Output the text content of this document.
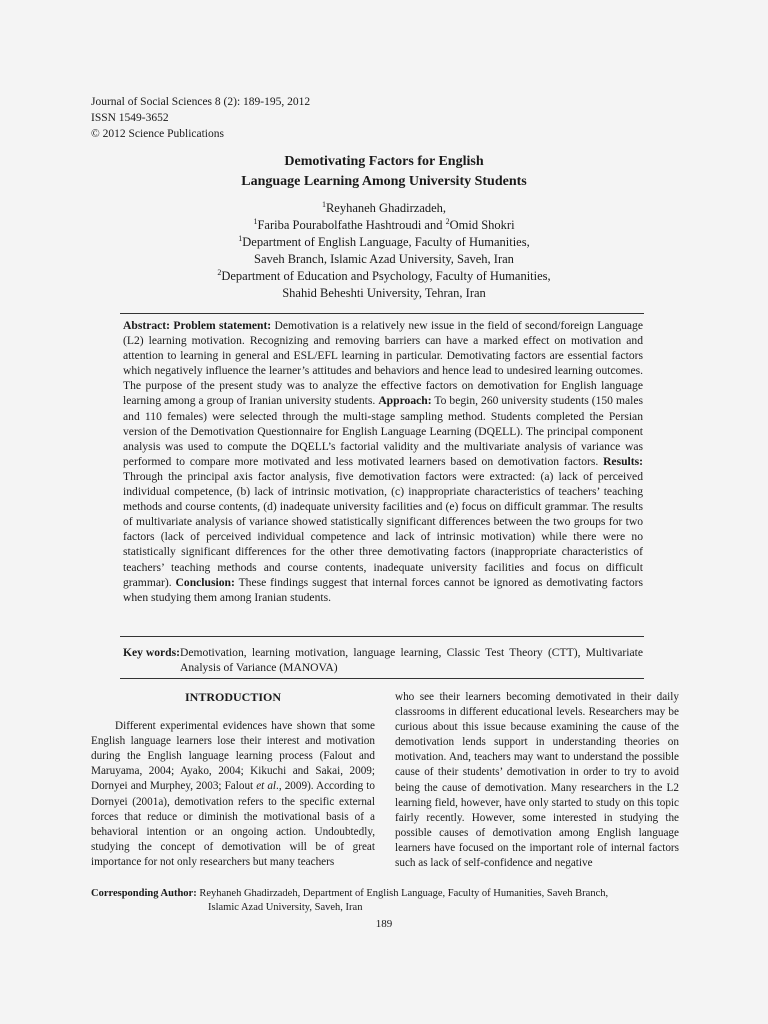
Journal of Social Sciences 8 (2): 189-195, 2012
ISSN 1549-3652
© 2012 Science Publications
Demotivating Factors for English
Language Learning Among University Students
$^1$Reyhaneh Ghadirzadeh,
$^1$Fariba Pourabolfathe Hashtroudi and $^2$Omid Shokri
$^1$Department of English Language, Faculty of Humanities,
Saveh Branch, Islamic Azad University, Saveh, Iran
$^2$Department of Education and Psychology, Faculty of Humanities,
Shahid Beheshti University, Tehran, Iran
Abstract: Problem statement: Demotivation is a relatively new issue in the field of second/foreign Language (L2) learning motivation. Recognizing and removing barriers can have a marked effect on motivation and attention to learning in general and ESL/EFL learning in particular. Demotivating factors are essential factors which negatively influence the learner’s attitudes and behaviors and hence lead to undesired learning outcomes. The purpose of the present study was to analyze the effective factors on demotivation for English language learning among a group of Iranian university students. Approach: To begin, 260 university students (150 males and 110 females) were selected through the multi-stage sampling method. Students completed the Persian version of the Demotivation Questionnaire for English Language Learning (DQELL). The principal component analysis was used to compute the DQELL’s factorial validity and the multivariate analysis of variance was performed to compare more motivated and less motivated learners based on demotivation factors. Results: Through the principal axis factor analysis, five demotivation factors were extracted: (a) lack of perceived individual competence, (b) lack of intrinsic motivation, (c) inappropriate characteristics of teachers’ teaching methods and course contents, (d) inadequate university facilities and (e) focus on difficult grammar. The results of multivariate analysis of variance showed statistically significant differences between the two groups for two factors (lack of perceived individual competence and lack of intrinsic motivation) while there were no statistically significant differences for the other three demotivating factors (inappropriate characteristics of teachers’ teaching methods and course contents, inadequate university facilities and focus on difficult grammar). Conclusion: These findings suggest that internal forces cannot be ignored as demotivating factors when studying them among Iranian students.
Key words: Demotivation, learning motivation, language learning, Classic Test Theory (CTT), Multivariate Analysis of Variance (MANOVA)
INTRODUCTION

Different experimental evidences have shown that some English language learners lose their interest and motivation during the English language learning process (Falout and Maruyama, 2004; Ayako, 2004; Kikuchi and Sakai, 2009; Dornyei and Murphey, 2003; Falout et al., 2009). According to Dornyei (2001a), demotivation refers to the specific external forces that reduce or diminish the motivational basis of a behavioral intention or an ongoing action. Undoubtedly, studying the concept of demotivation will be of great importance for not only researchers but many teachers

who see their learners becoming demotivated in their daily classrooms in different educational levels. Researchers may be curious about this issue because examining the cause of the demotivation lends support in understanding theories on motivation. And, teachers may want to understand the possible cause of their students’ demotivation in order to try to avoid being the cause of demotivation. Many researchers in the L2 learning field, however, have only started to study on this topic fairly recently. However, some interested in studying the possible causes of demotivation among English language learners have focused on the important role of internal factors such as lack of self-confidence and negative

Corresponding Author: Reyhaneh Ghadirzadeh, Department of English Language, Faculty of Humanities, Saveh Branch,
Islamic Azad University, Saveh, Iran
189
